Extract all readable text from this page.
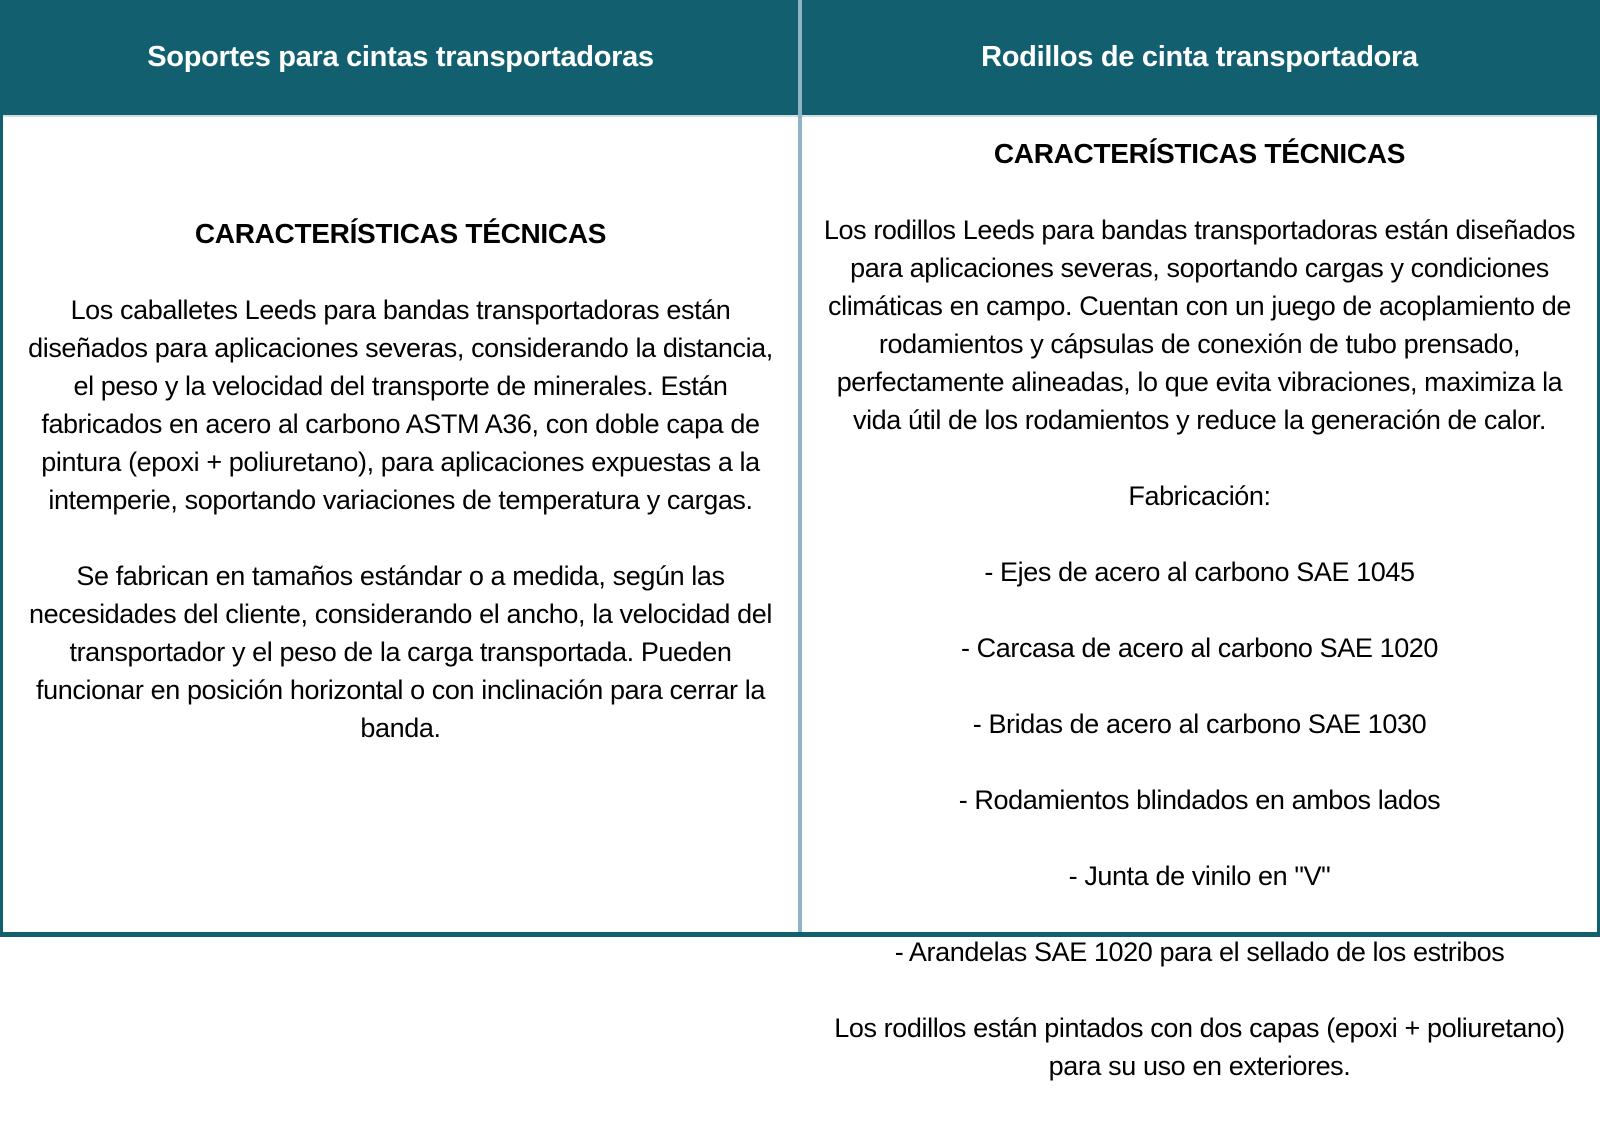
Soportes para cintas transportadoras
CARACTERÍSTICAS TÉCNICAS

Los caballetes Leeds para bandas transportadoras están diseñados para aplicaciones severas, considerando la distancia, el peso y la velocidad del transporte de minerales. Están fabricados en acero al carbono ASTM A36, con doble capa de pintura (epoxi + poliuretano), para aplicaciones expuestas a la intemperie, soportando variaciones de temperatura y cargas.

Se fabrican en tamaños estándar o a medida, según las necesidades del cliente, considerando el ancho, la velocidad del transportador y el peso de la carga transportada. Pueden funcionar en posición horizontal o con inclinación para cerrar la banda.

Rodillos de cinta transportadora
CARACTERÍSTICAS TÉCNICAS

Los rodillos Leeds para bandas transportadoras están diseñados para aplicaciones severas, soportando cargas y condiciones climáticas en campo. Cuentan con un juego de acoplamiento de rodamientos y cápsulas de conexión de tubo prensado, perfectamente alineadas, lo que evita vibraciones, maximiza la vida útil de los rodamientos y reduce la generación de calor.

Fabricación:

- Ejes de acero al carbono SAE 1045

- Carcasa de acero al carbono SAE 1020

- Bridas de acero al carbono SAE 1030

- Rodamientos blindados en ambos lados

- Junta de vinilo en "V"

- Arandelas SAE 1020 para el sellado de los estribos

Los rodillos están pintados con dos capas (epoxi + poliuretano) para su uso en exteriores.
